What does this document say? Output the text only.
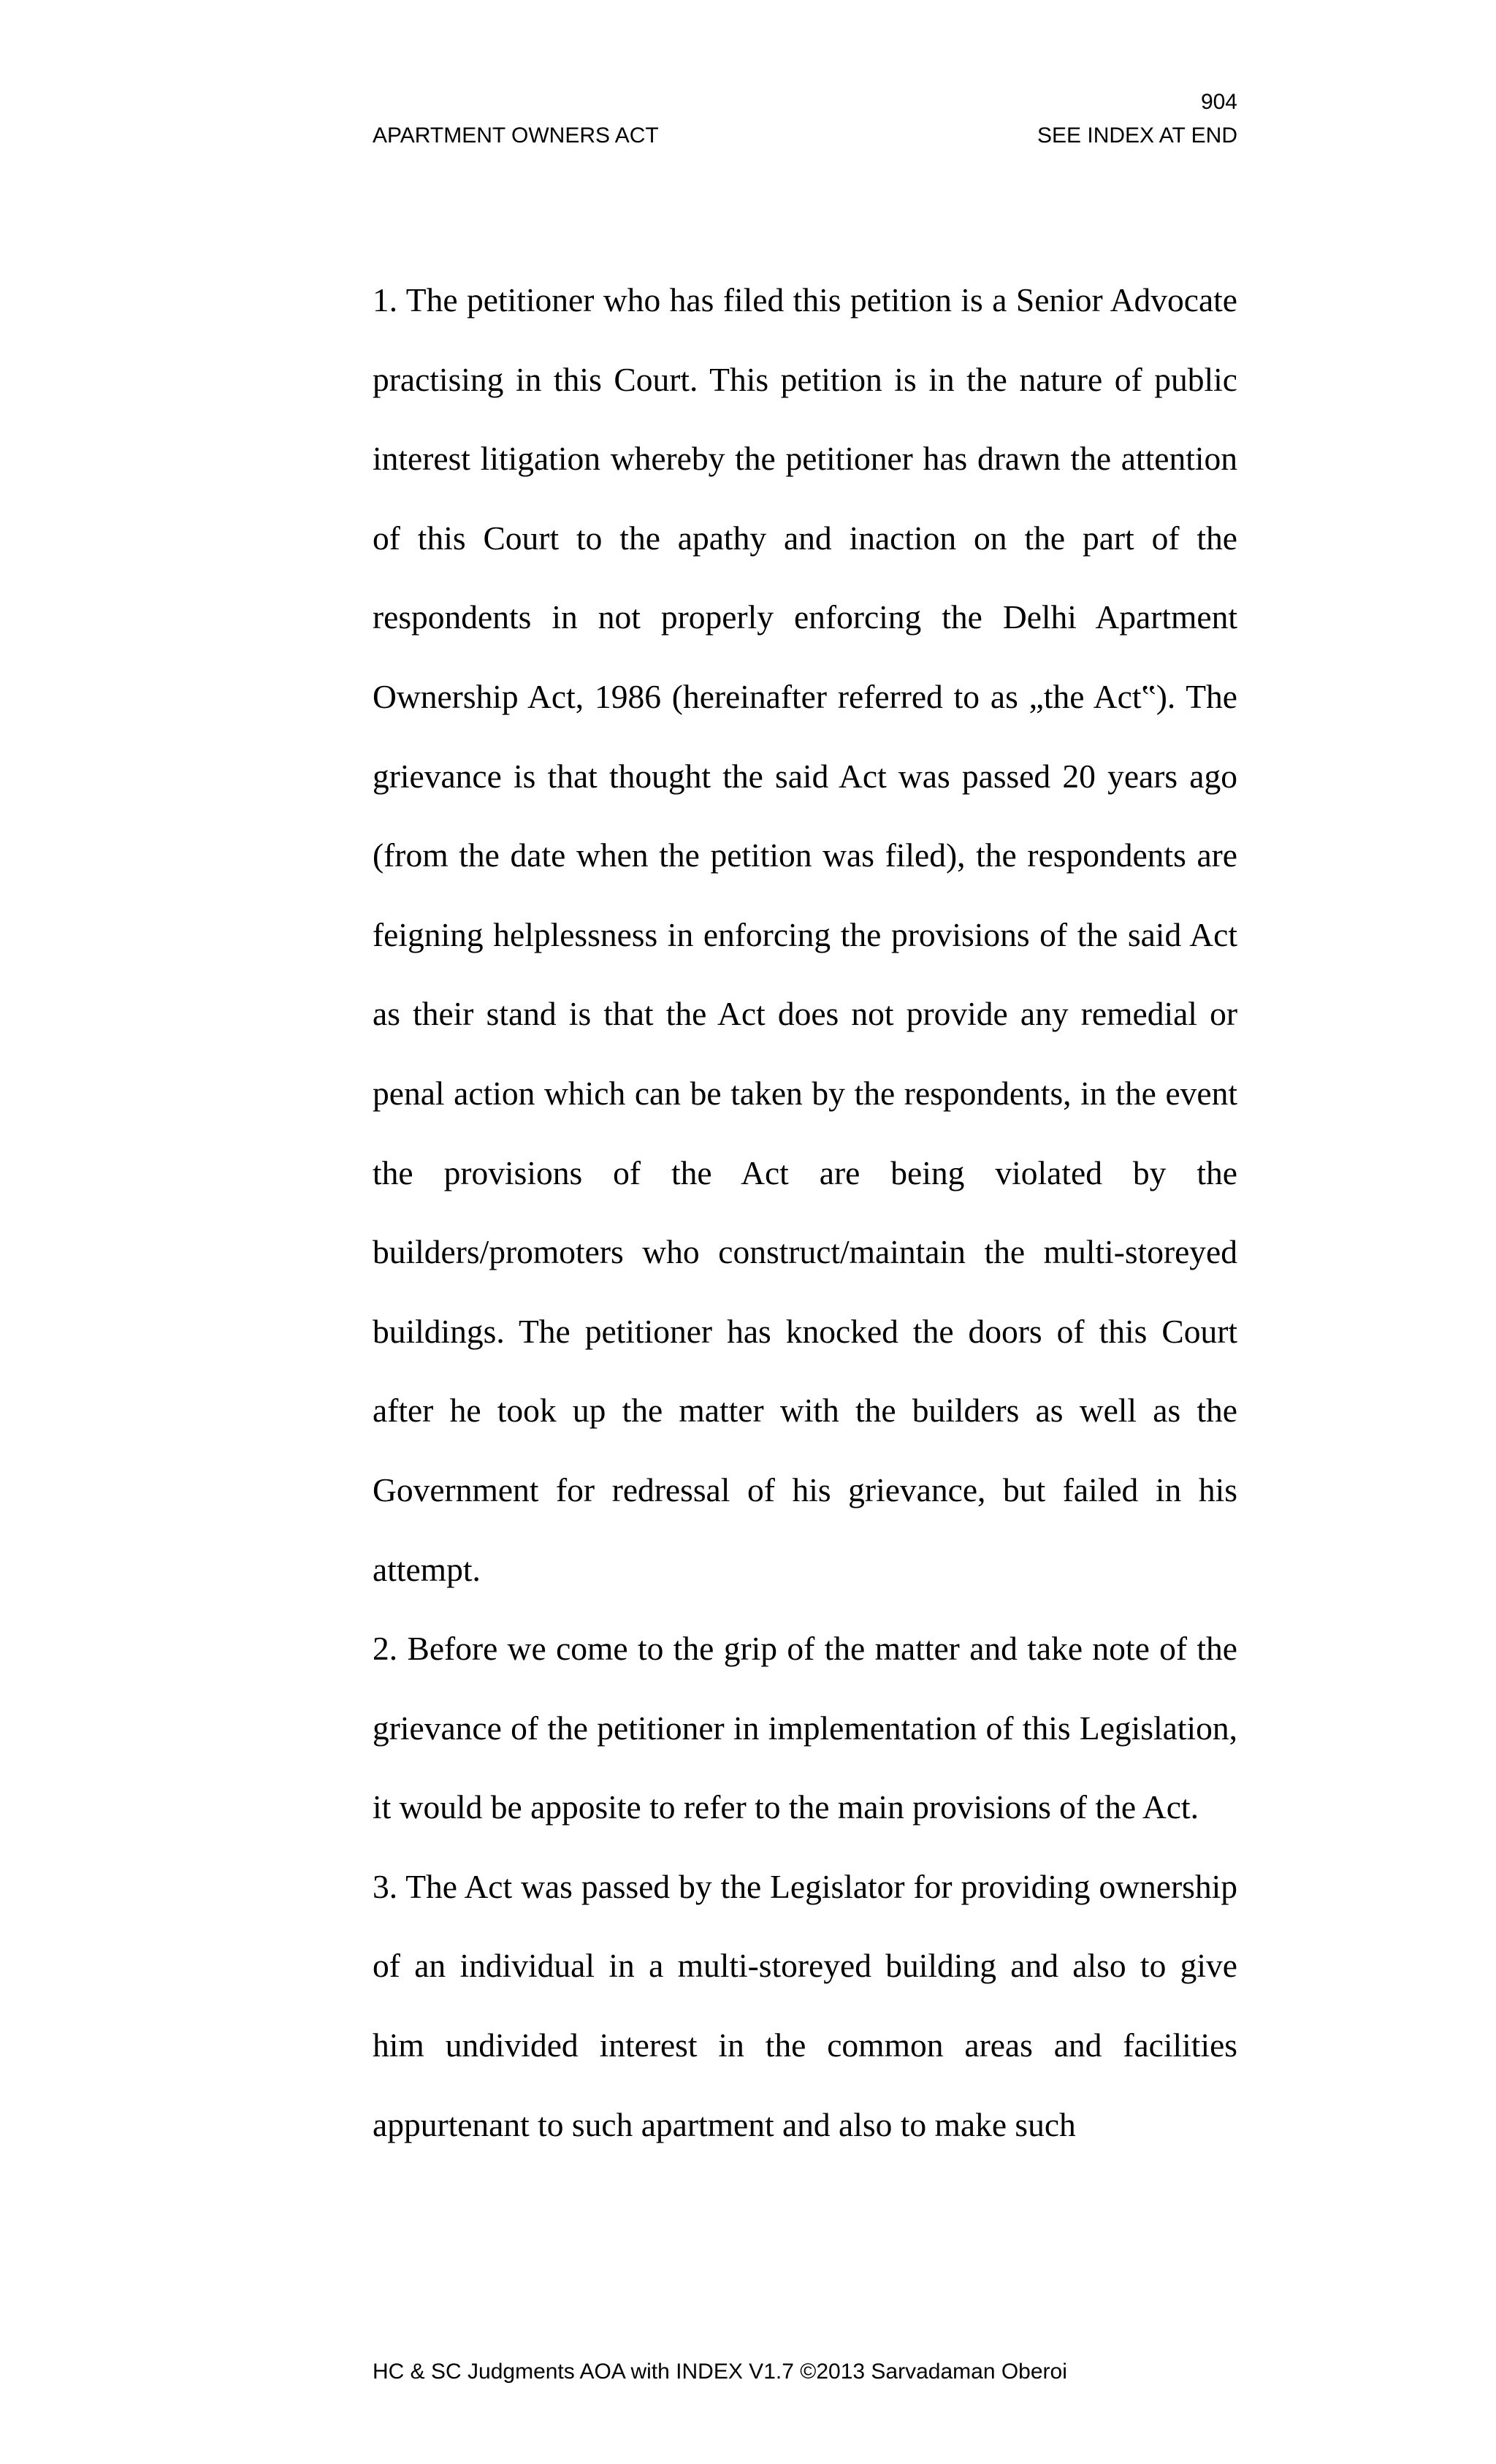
904
APARTMENT OWNERS ACT	SEE INDEX AT END

1. The petitioner who has filed this petition is a Senior Advocate practising in this Court. This petition is in the nature of public interest litigation whereby the petitioner has drawn the attention of this Court to the apathy and inaction on the part of the respondents in not properly enforcing the Delhi Apartment Ownership Act, 1986 (hereinafter referred to as „the Act‟). The grievance is that thought the said Act was passed 20 years ago (from the date when the petition was filed), the respondents are feigning helplessness in enforcing the provisions of the said Act as their stand is that the Act does not provide any remedial or penal action which can be taken by the respondents, in the event the provisions of the Act are being violated by the builders/promoters who construct/maintain the multi-storeyed buildings. The petitioner has knocked the doors of this Court after he took up the matter with the builders as well as the Government for redressal of his grievance, but failed in his attempt.

2. Before we come to the grip of the matter and take note of the grievance of the petitioner in implementation of this Legislation, it would be apposite to refer to the main provisions of the Act.

3. The Act was passed by the Legislator for providing ownership of an individual in a multi-storeyed building and also to give him undivided interest in the common areas and facilities appurtenant to such apartment and also to make such

HC & SC Judgments AOA with INDEX V1.7 ©2013 Sarvadaman Oberoi
